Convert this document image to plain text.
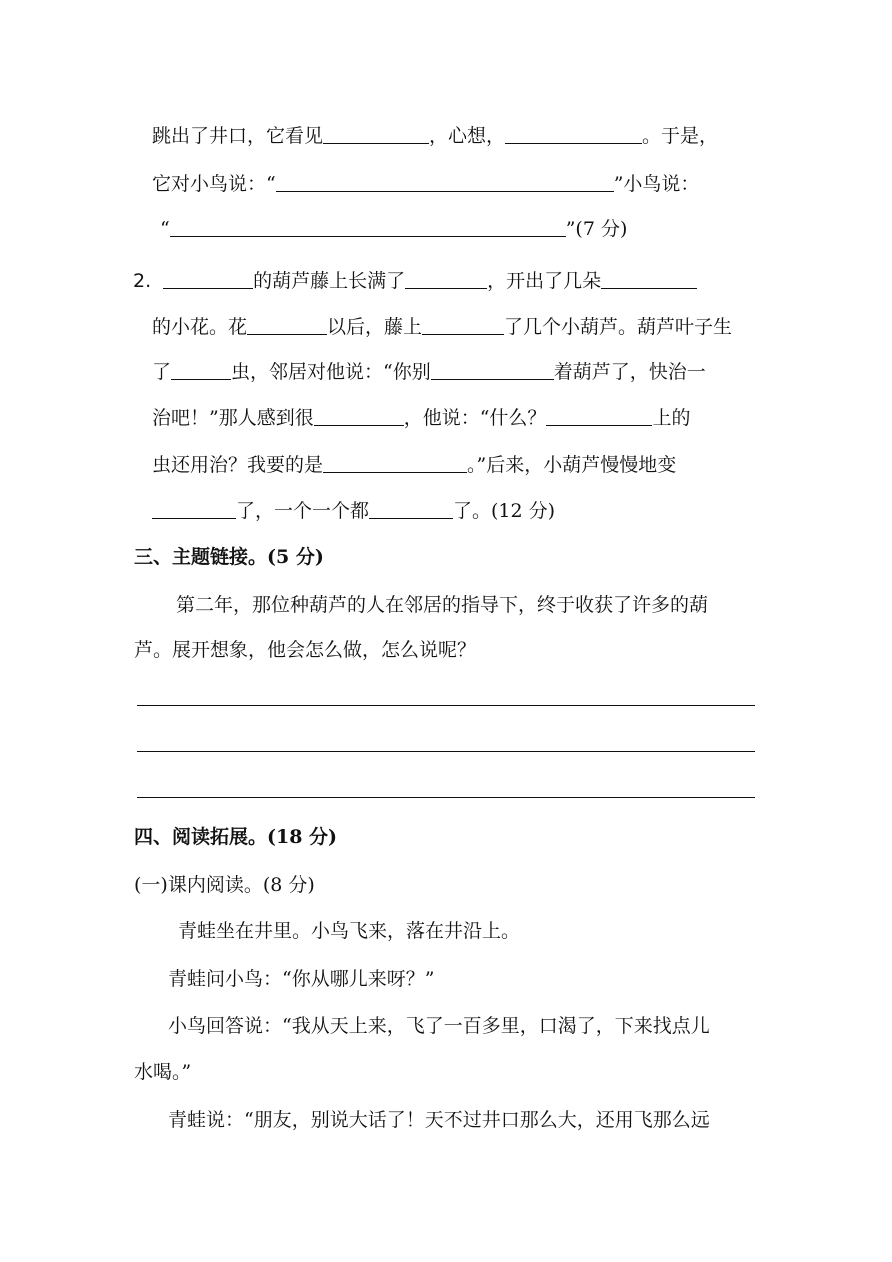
跳出了井口，它看见	，心想，	。于是，
它对小鸟说：“	”小鸟说：
“	”(7 分)
2.	的葫芦藤上长满了	，开出了几朵
的小花。花	以后，藤上	了几个小葫芦。葫芦叶子生
了	虫，邻居对他说：“你别	着葫芦了，快治一
治吧！”那人感到很	，他说：“什么？	上的
虫还用治？我要的是	。”后来，小葫芦慢慢地变
了，一个一个都	了。(12 分)
三、主题链接。(5 分)
第二年，那位种葫芦的人在邻居的指导下，终于收获了许多的葫
芦。展开想象，他会怎么做，怎么说呢？
四、阅读拓展。(18 分)
(一)课内阅读。(8 分)
青蛙坐在井里。小鸟飞来，落在井沿上。
青蛙问小鸟：“你从哪儿来呀？”
小鸟回答说：“我从天上来，飞了一百多里，口渴了，下来找点儿
水喝。”
青蛙说：“朋友，别说大话了！天不过井口那么大，还用飞那么远
